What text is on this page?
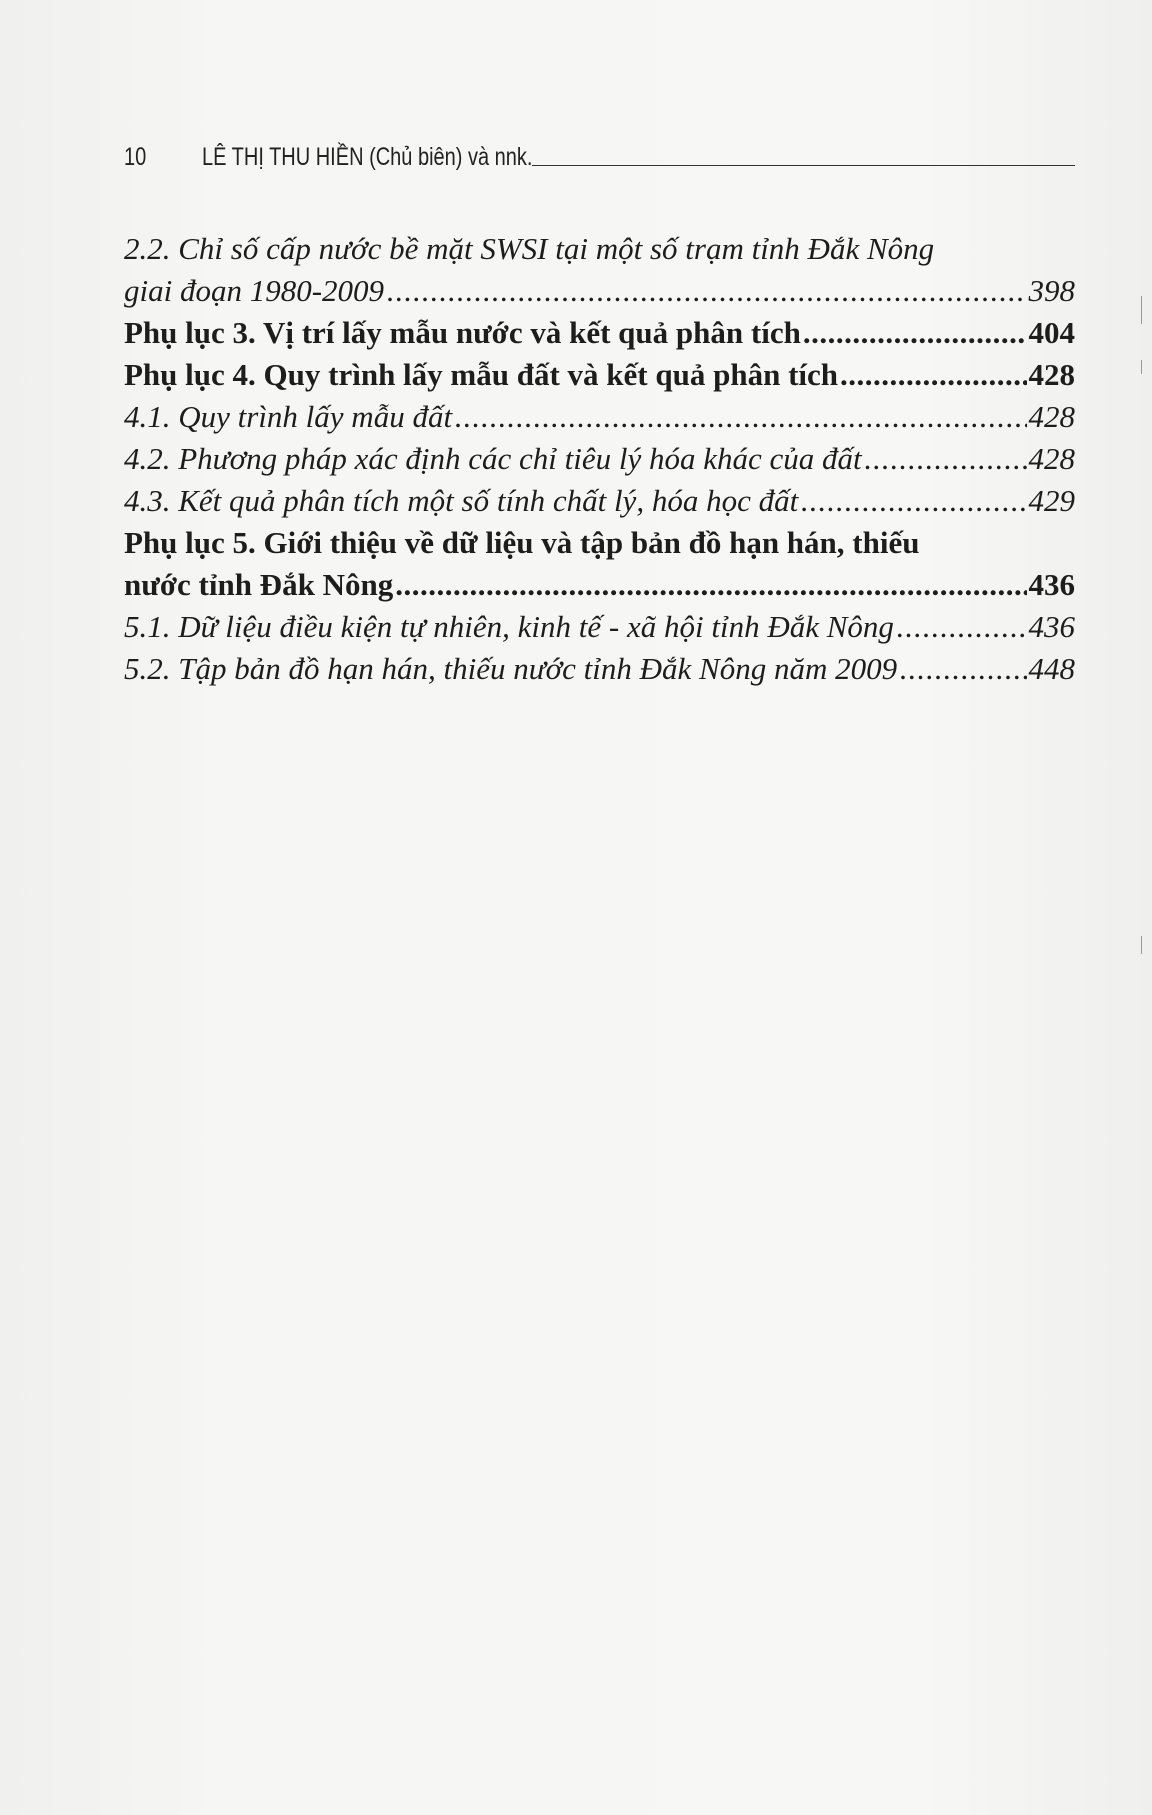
10	LÊ THỊ THU HIỀN (Chủ biên) và nnk.
2.2. Chỉ số cấp nước bề mặt SWSI tại một số trạm tỉnh Đắk Nông
giai đoạn 1980-2009 .....	398
Phụ lục 3. Vị trí lấy mẫu nước và kết quả phân tích .....	404
Phụ lục 4. Quy trình lấy mẫu đất và kết quả phân tích .....	428
4.1. Quy trình lấy mẫu đất .....	428
4.2. Phương pháp xác định các chỉ tiêu lý hóa khác của đất .....	428
4.3. Kết quả phân tích một số tính chất lý, hóa học đất .....	429
Phụ lục 5. Giới thiệu về dữ liệu và tập bản đồ hạn hán, thiếu
nước tỉnh Đắk Nông .....	436
5.1. Dữ liệu điều kiện tự nhiên, kinh tế - xã hội tỉnh Đắk Nông .....	436
5.2. Tập bản đồ hạn hán, thiếu nước tỉnh Đắk Nông năm 2009 .....	448
